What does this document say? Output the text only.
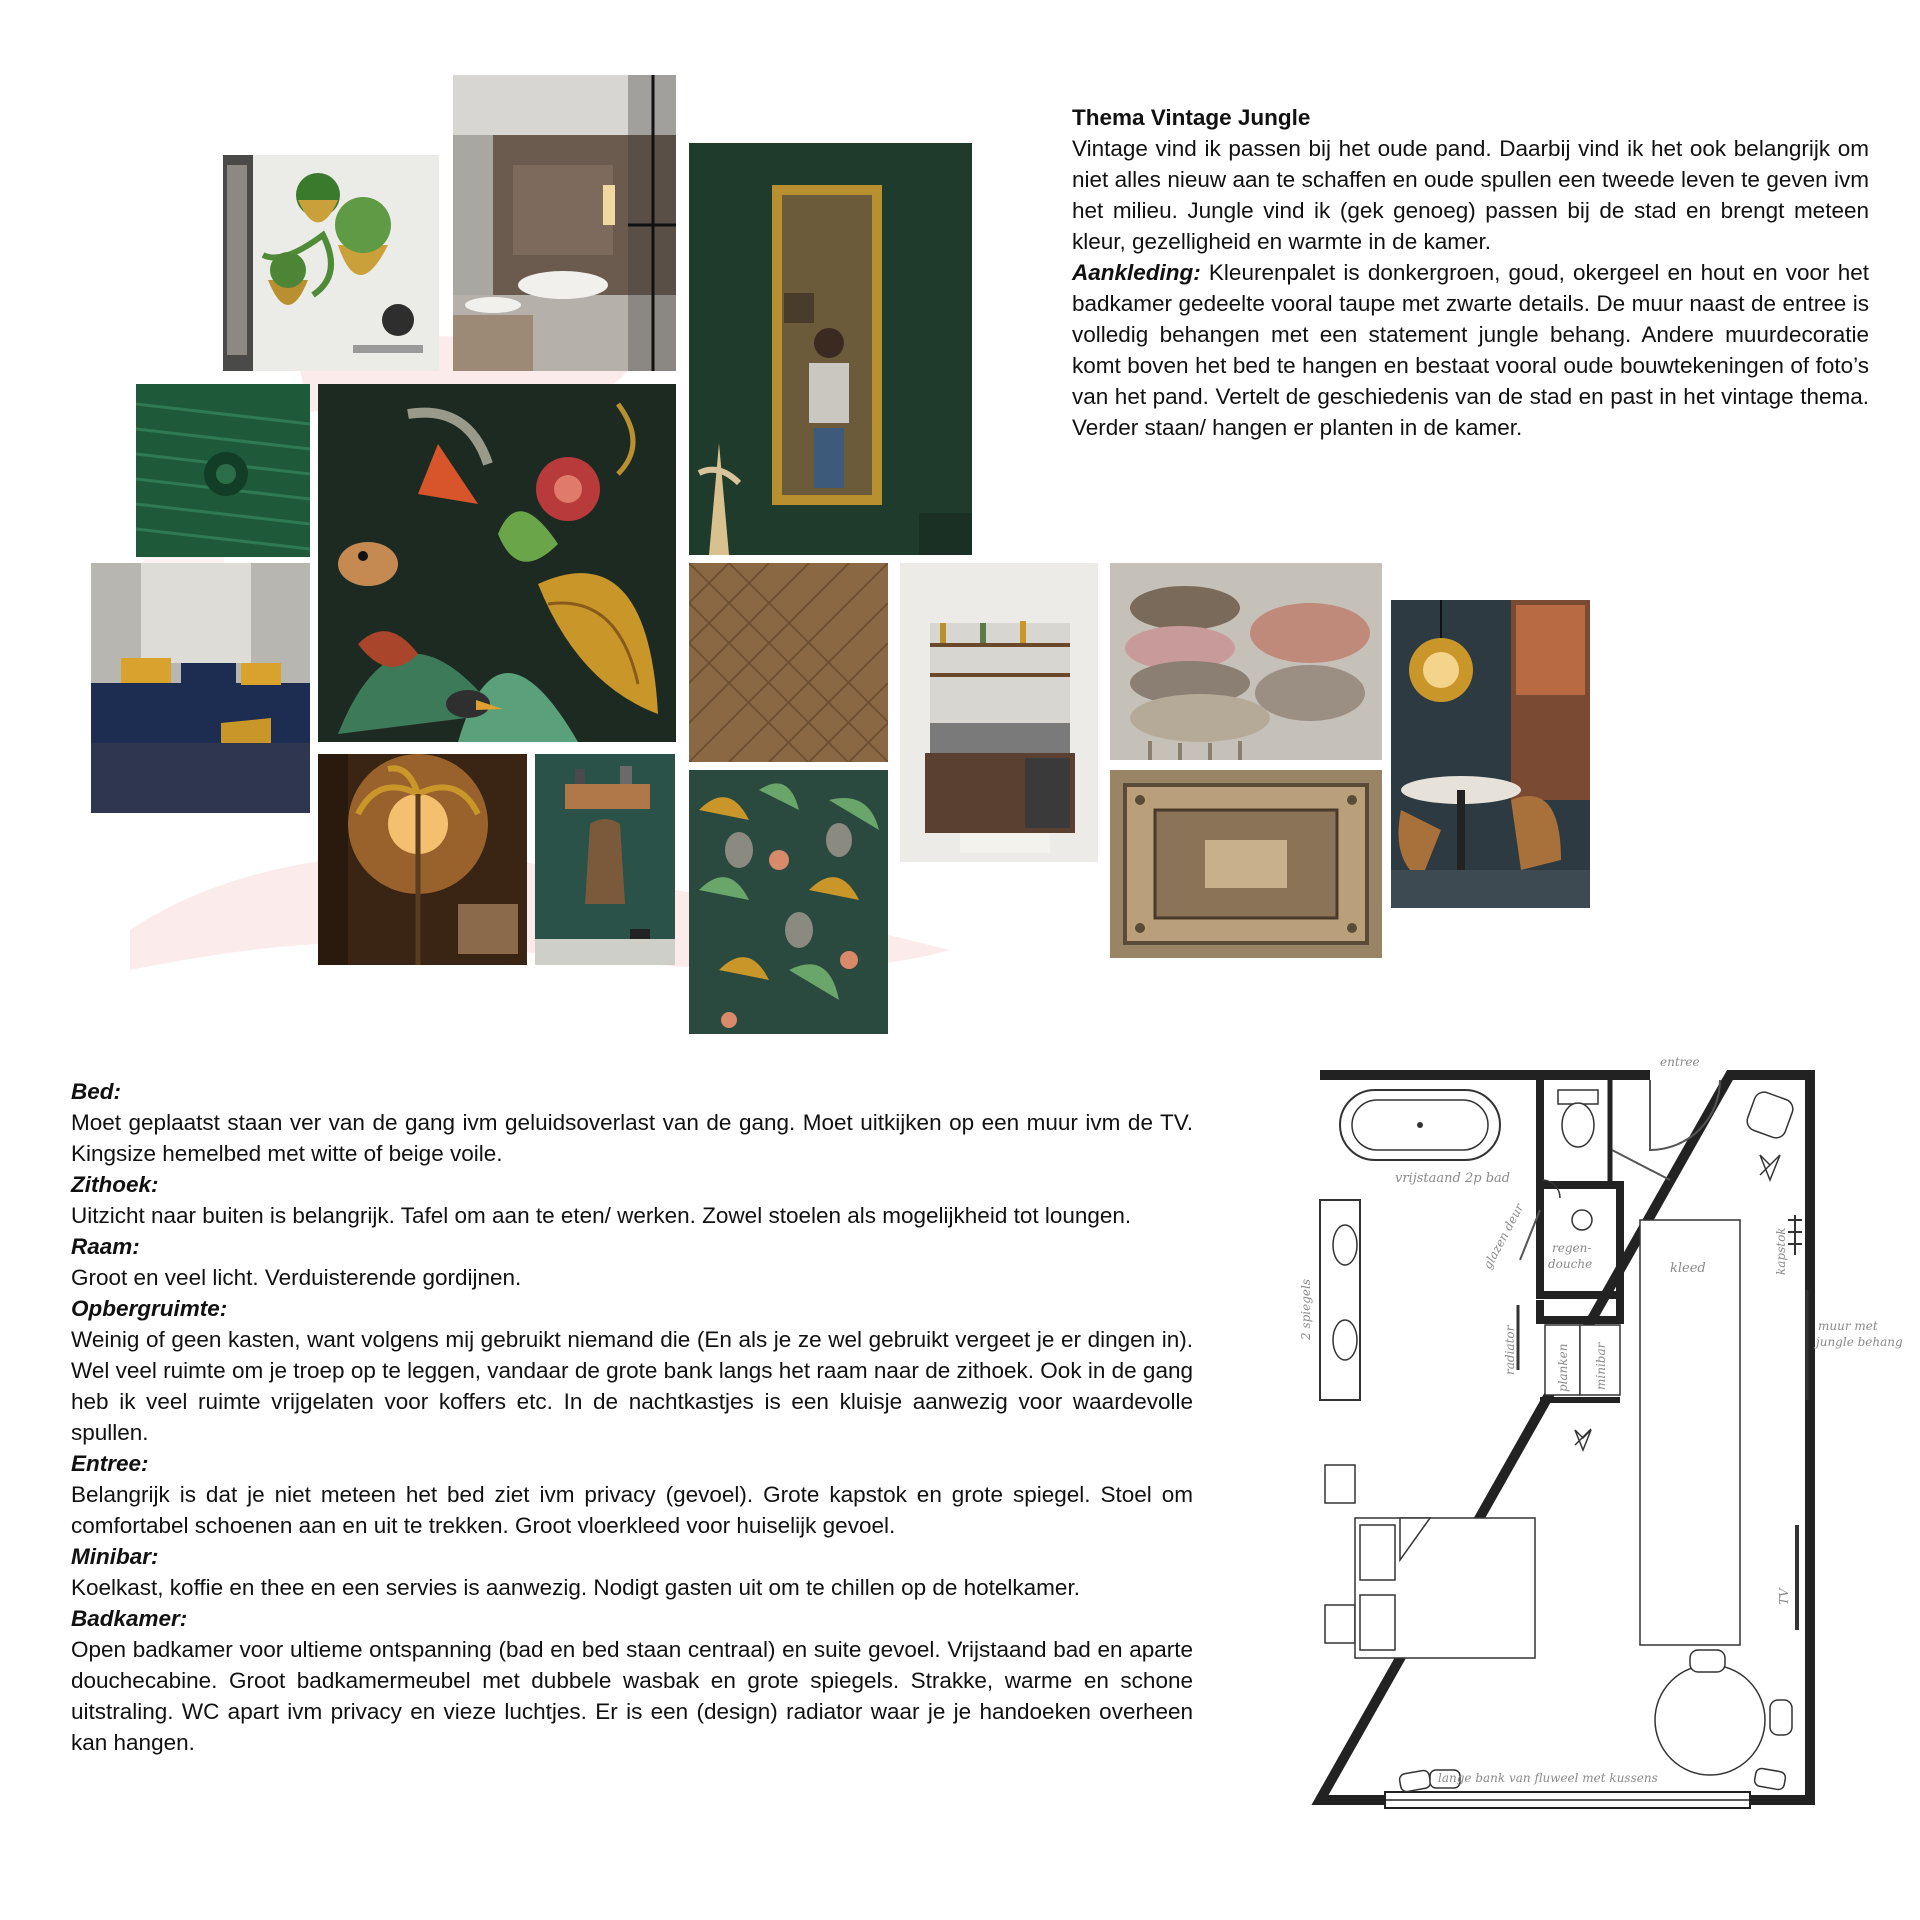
Thema Vintage Jungle
Vintage vind ik passen bij het oude pand. Daarbij vind ik het ook belangrijk om niet alles nieuw aan te schaffen en oude spullen een tweede leven te geven ivm het milieu. Jungle vind ik (gek genoeg) passen bij de stad en brengt meteen kleur, gezelligheid en warmte in de kamer.
Aankleding: Kleurenpalet is donkergroen, goud, okergeel en hout en voor het badkamer gedeelte vooral taupe met zwarte details. De muur naast de entree is volledig behangen met een statement jungle behang. Andere muurdecoratie komt boven het bed te hangen en bestaat vooral oude bouwtekeningen of foto’s van het pand. Vertelt de geschiedenis van de stad en past in het vintage thema. Verder staan/ hangen er planten in de kamer.
Bed:
Moet geplaatst staan ver van de gang ivm geluidsoverlast van de gang. Moet uitkijken op een muur ivm de TV. Kingsize hemelbed met witte of beige voile.
Zithoek:
Uitzicht naar buiten is belangrijk. Tafel om aan te eten/ werken. Zowel stoelen als mogelijkheid tot loungen.
Raam:
Groot en veel licht. Verduisterende gordijnen.
Opbergruimte:
Weinig of geen kasten, want volgens mij gebruikt niemand die (En als je ze wel gebruikt vergeet je er dingen in). Wel veel ruimte om je troep op te leggen, vandaar de grote bank langs het raam naar de zithoek. Ook in de gang heb ik veel ruimte vrijgelaten voor koffers etc. In de nachtkastjes is een kluisje aanwezig voor waardevolle spullen.
Entree:
Belangrijk is dat je niet meteen het bed ziet ivm privacy (gevoel). Grote kapstok en grote spiegel. Stoel om comfortabel schoenen aan en uit te trekken. Groot vloerkleed voor huiselijk gevoel.
Minibar:
Koelkast, koffie en thee en een servies is aanwezig. Nodigt gasten uit om te chillen op de hotelkamer.
Badkamer:
Open badkamer voor ultieme ontspanning (bad en bed staan centraal) en suite gevoel. Vrijstaand bad en aparte douchecabine. Groot badkamermeubel met dubbele wasbak en grote spiegels. Strakke, warme en schone uitstraling. WC apart ivm privacy en vieze luchtjes. Er is een (design) radiator waar je je handoeken overheen kan hangen.
entree
vrijstaand 2p bad
2 spiegels
glazen deur regen-
douche	kleed	kapstok
muur met
jungle behang
radiator	planken minibar
TV
lange bank van fluweel met kussens
